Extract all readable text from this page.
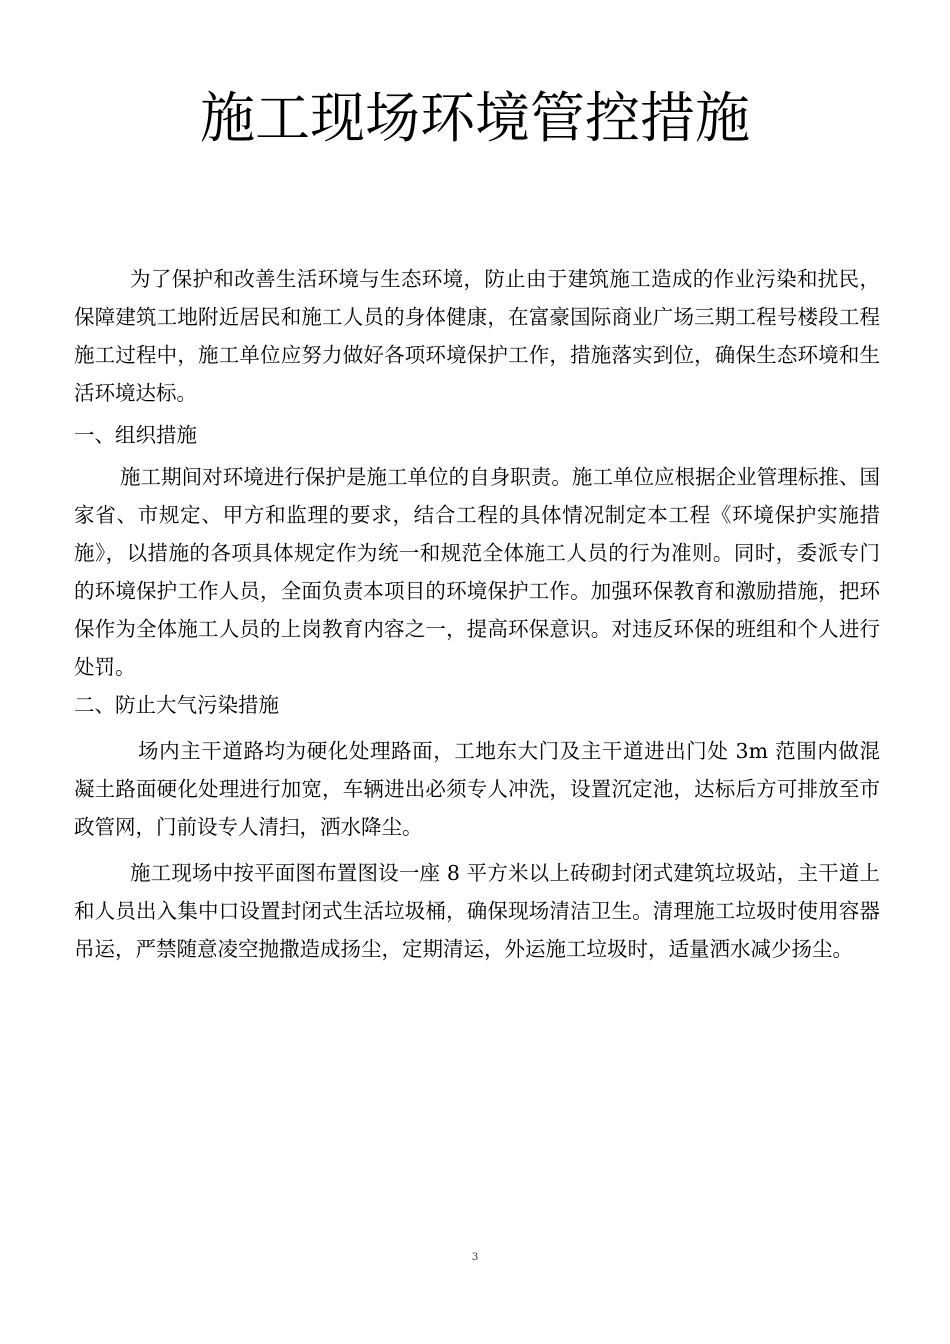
施工现场环境管控措施

为了保护和改善生活环境与生态环境，防止由于建筑施工造成的作业污染和扰民，保障建筑工地附近居民和施工人员的身体健康，在富豪国际商业广场三期工程号楼段工程施工过程中，施工单位应努力做好各项环境保护工作，措施落实到位，确保生态环境和生活环境达标。

一、组织措施

施工期间对环境进行保护是施工单位的自身职责。施工单位应根据企业管理标推、国家省、市规定、甲方和监理的要求，结合工程的具体情况制定本工程《环境保护实施措施》，以措施的各项具体规定作为统一和规范全体施工人员的行为准则。同时，委派专门的环境保护工作人员，全面负责本项目的环境保护工作。加强环保教育和激励措施，把环保作为全体施工人员的上岗教育内容之一，提高环保意识。对违反环保的班组和个人进行处罚。

二、防止大气污染措施

场内主干道路均为硬化处理路面，工地东大门及主干道进出门处 3m 范围内做混凝土路面硬化处理进行加宽，车辆进出必须专人冲洗，设置沉定池，达标后方可排放至市政管网，门前设专人清扫，洒水降尘。

施工现场中按平面图布置图设一座 8 平方米以上砖砌封闭式建筑垃圾站，主干道上和人员出入集中口设置封闭式生活垃圾桶，确保现场清洁卫生。清理施工垃圾时使用容器吊运，严禁随意凌空抛撒造成扬尘，定期清运，外运施工垃圾时，适量洒水减少扬尘。

3
